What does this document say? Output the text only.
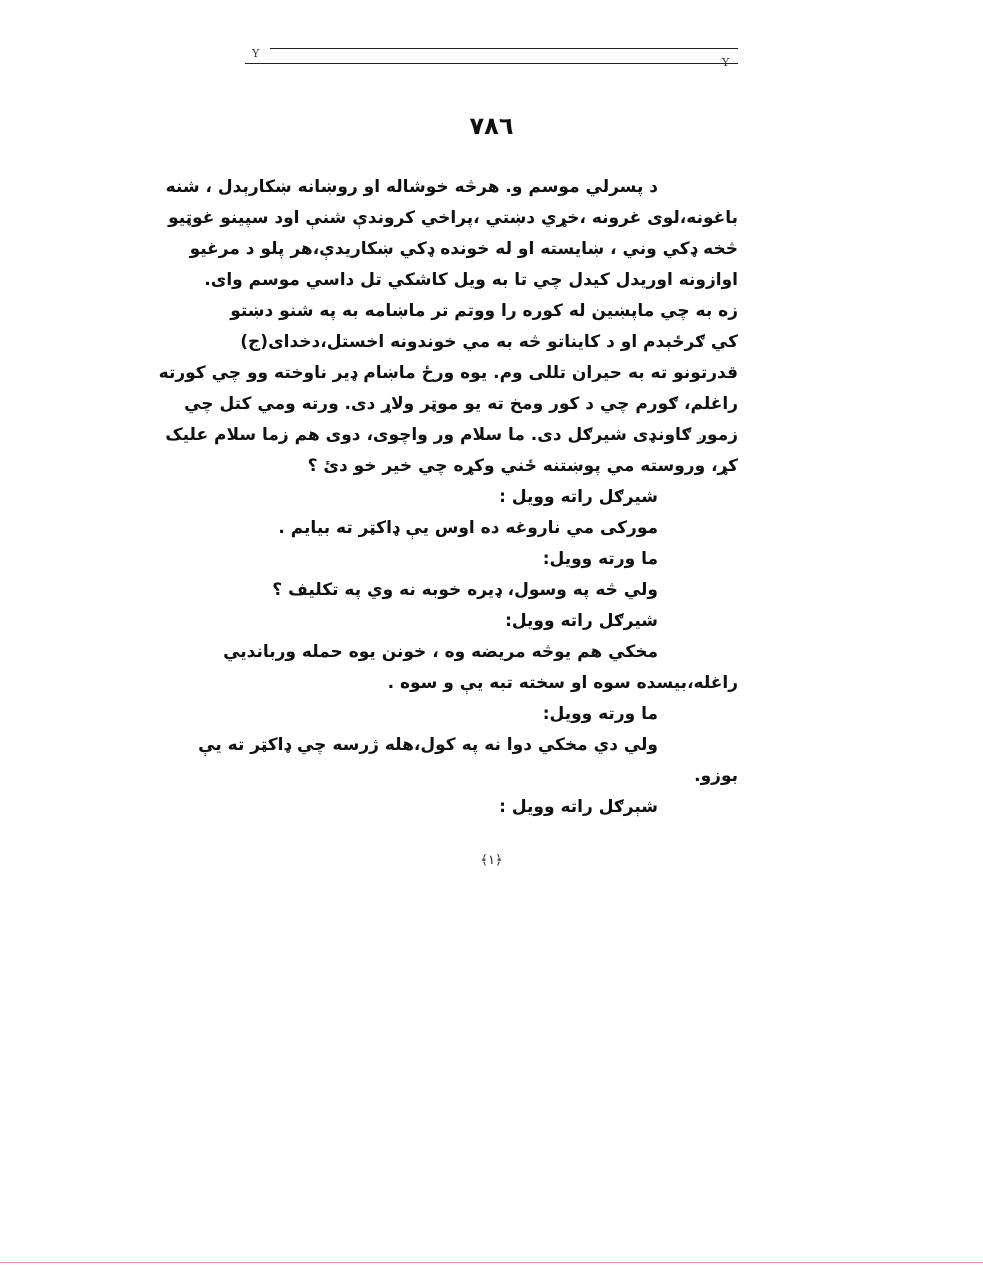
Y
Y
۷۸٦
د پسرلي موسم و. هرڅه خوشاله او روښانه ښکارېدل ، شنه
باغونه،لوی غرونه ،خړي دښتي ،پراخي کروندې شنې اود سپينو غوټيو
څخه ډکي وني ، ښايسته او له خونده ډکي ښکاريدې،هر پلو د مرغيو
اوازونه اوريدل کيدل چي تا به ويل کاشکي تل داسي موسم وای.
زه به چي ماپښين له کوره را ووتم تر ماښامه به په شنو دښتو
کي ګرځېدم او د کايناتو څه به مي خوندونه اخستل،دخدای(ج)
قدرتونو ته به حيران تللی وم. يوه ورځ ماښام ډير ناوخته وو چي کورته
راغلم، ګورم چي د کور ومخ ته يو موټر ولاړ دی. ورته ومي کتل چي
زموږ ګاونډی شيرګل دی. ما سلام ور واچوی، دوی هم زما سلام عليک
کړ، وروسته مي پوښتنه ځني وکړه چي خير خو دئ ؟
شيرګل راته وويل :
مورکی مي ناروغه ده اوس يې ډاکټر ته بيايم .
ما ورته وويل:
ولي څه په وسول، ډيره خوبه نه وي په تکليف ؟
شيرګل راته وويل:
مخکي هم يوڅه مريضه وه ، خونن يوه حمله وربانديي
راغله،بيسده سوه او سخته تبه يې و سوه .
ما ورته وويل:
ولي دي مخکي دوا نه په کول،هله ژرسه چي ډاکټر ته يې
بوزو.
شېرګل راته وويل :
﴾۱﴿
